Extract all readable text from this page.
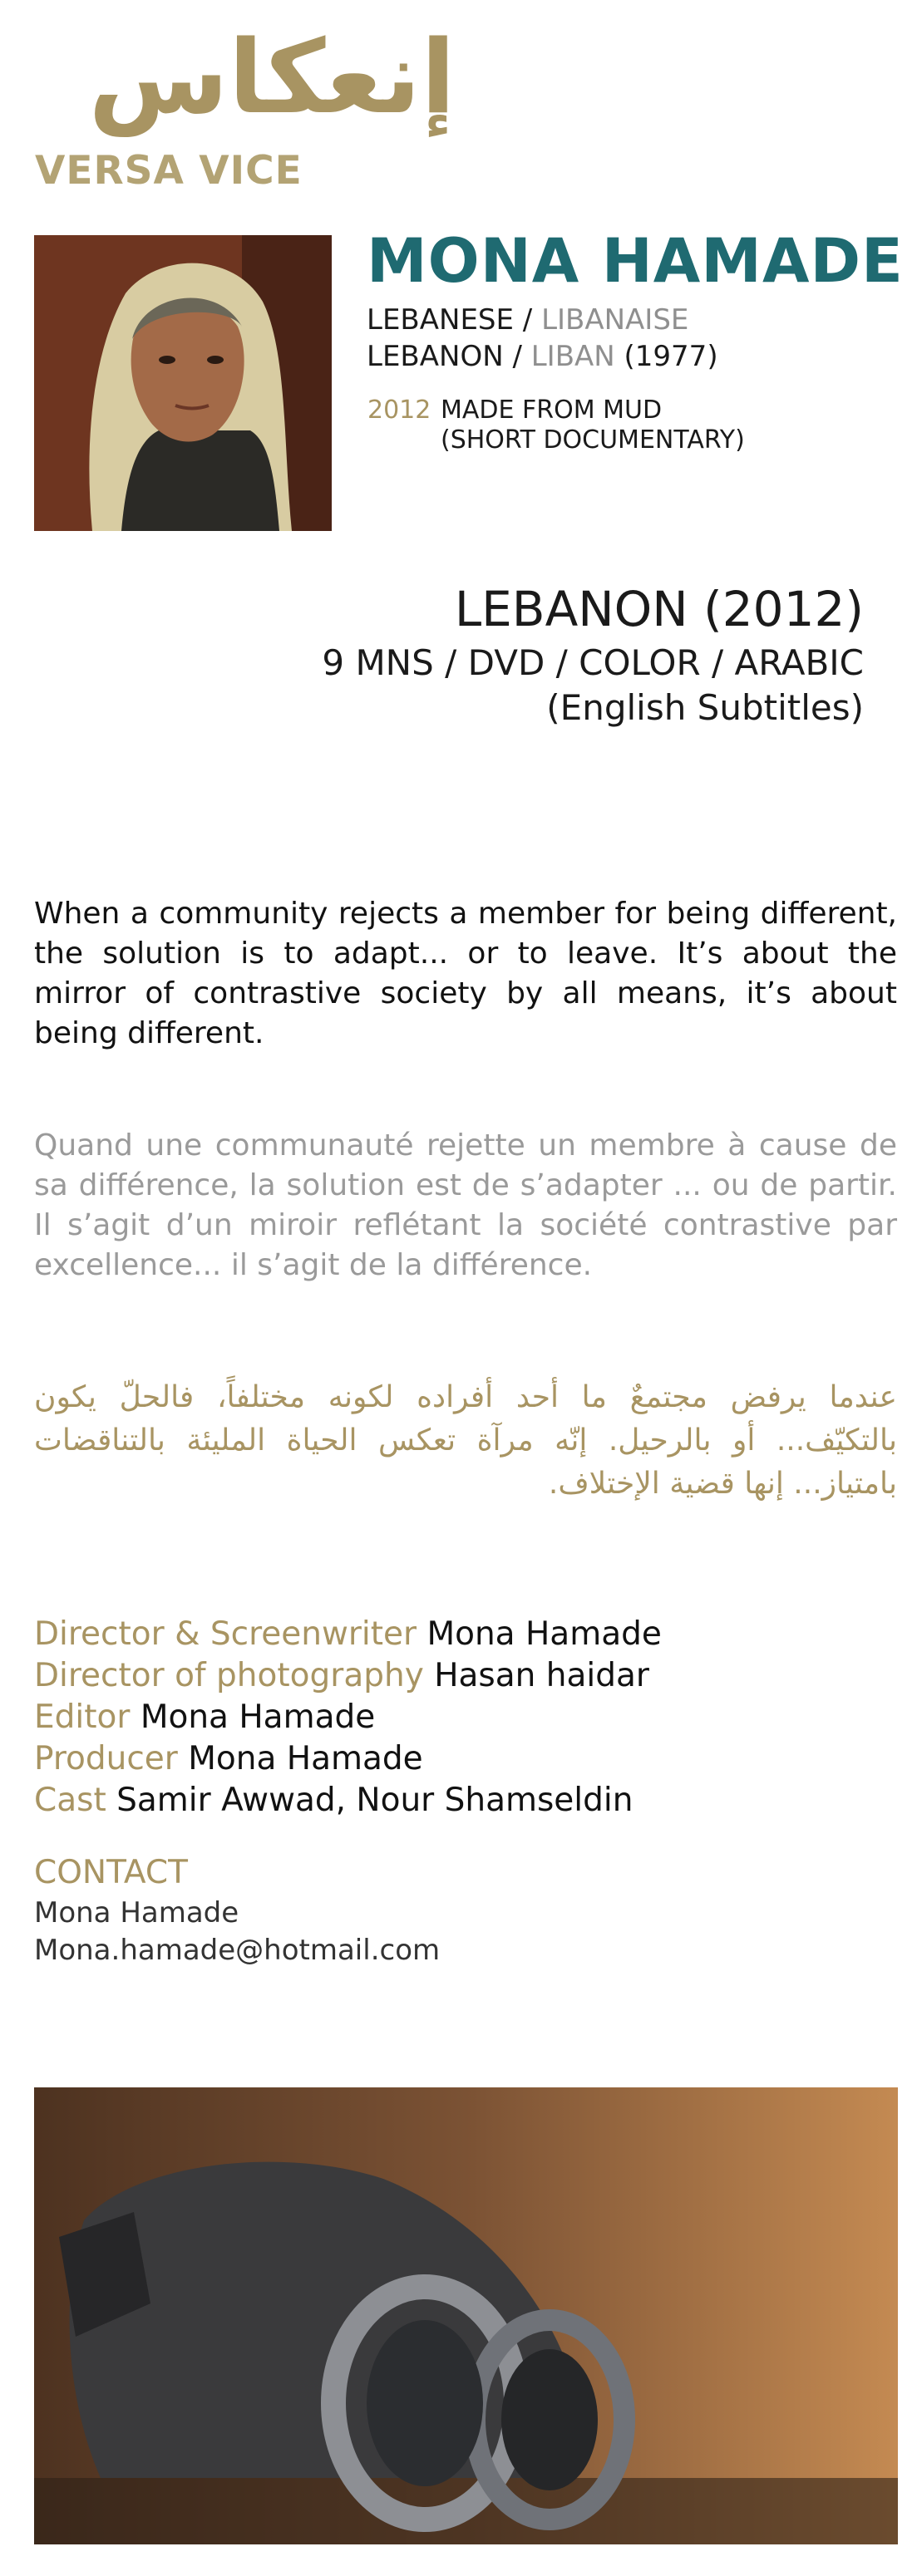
إنعكاس
VERSA VICE
MONA HAMADE
LEBANESE / LIBANAISE
LEBANON / LIBAN (1977)
2012 MADE FROM MUD
(SHORT DOCUMENTARY)
LEBANON (2012)
9 MNS / DVD / COLOR / ARABIC
(English Subtitles)
When a community rejects a member for being different, the solution is to adapt... or to leave. It’s about the mirror of contrastive society by all means, it’s about being different.
Quand une communauté rejette un membre à cause de sa différence, la solution est de s’adapter ... ou de partir. Il s’agit d’un miroir reflétant la société contrastive par excellence... il s’agit de la différence.
عندما يرفض مجتمعٌ ما أحد أفراده لكونه مختلفاً، فالحلّ يكون بالتكيّف... أو بالرحيل. إنّه مرآة تعكس الحياة المليئة بالتناقضات بامتياز... إنها قضية الإختلاف.
Director & Screenwriter Mona Hamade
Director of photography Hasan haidar
Editor Mona Hamade
Producer Mona Hamade
Cast Samir Awwad, Nour Shamseldin
CONTACT
Mona Hamade
Mona.hamade@hotmail.com
